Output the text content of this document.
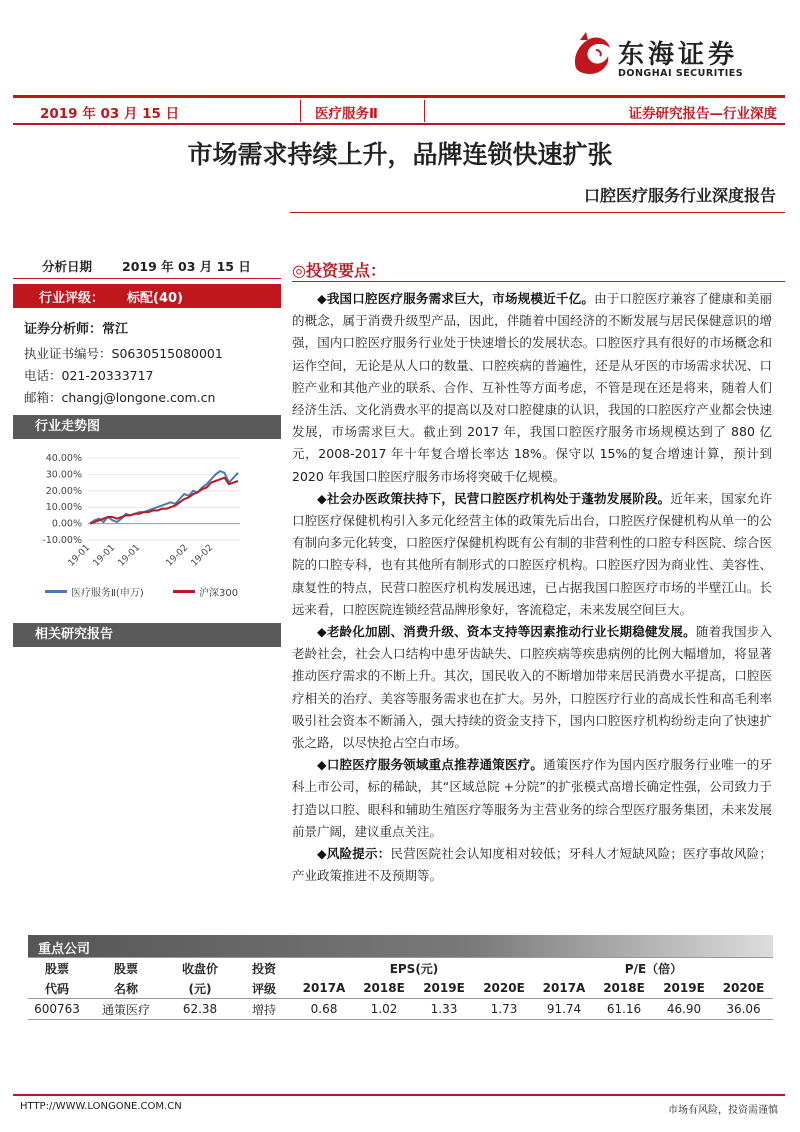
东海证券
DONGHAI SECURITIES
2019 年 03 月 15 日	医疗服务Ⅱ	证券研究报告—行业深度
市场需求持续上升，品牌连锁快速扩张
口腔医疗服务行业深度报告
分析日期 2019 年 03 月 15 日
行业评级： 标配(40)
证券分析师：常江
执业证书编号：S0630515080001
电话：021-20333717
邮箱：changj@longone.com.cn
行业走势图
40.00%
30.00%
20.00%
10.00%
0.00%
-10.00%
19-01 19-01 19-01 19-02 19-02
医疗服务Ⅱ(申万)	沪深300
相关研究报告
◎投资要点：

◆我国口腔医疗服务需求巨大，市场规模近千亿。由于口腔医疗兼容了健康和美丽的概念，属于消费升级型产品，因此，伴随着中国经济的不断发展与居民保健意识的增强，国内口腔医疗服务行业处于快速增长的发展状态。口腔医疗具有很好的市场概念和运作空间，无论是从人口的数量、口腔疾病的普遍性，还是从牙医的市场需求状况、口腔产业和其他产业的联系、合作、互补性等方面考虑，不管是现在还是将来，随着人们经济生活、文化消费水平的提高以及对口腔健康的认识，我国的口腔医疗产业都会快速发展，市场需求巨大。截止到 2017 年，我国口腔医疗服务市场规模达到了 880 亿元，2008-2017 年十年复合增长率达 18%。保守以 15%的复合增速计算，预计到 2020 年我国口腔医疗服务市场将突破千亿规模。

◆社会办医政策扶持下，民营口腔医疗机构处于蓬勃发展阶段。近年来，国家允许口腔医疗保健机构引入多元化经营主体的政策先后出台，口腔医疗保健机构从单一的公有制向多元化转变，口腔医疗保健机构既有公有制的非营利性的口腔专科医院、综合医院的口腔专科，也有其他所有制形式的口腔医疗机构。口腔医疗因为商业性、美容性、康复性的特点，民营口腔医疗机构发展迅速，已占据我国口腔医疗市场的半壁江山。长远来看，口腔医院连锁经营品牌形象好，客流稳定，未来发展空间巨大。

◆老龄化加剧、消费升级、资本支持等因素推动行业长期稳健发展。随着我国步入老龄社会，社会人口结构中患牙齿缺失、口腔疾病等疾患病例的比例大幅增加，将显著推动医疗需求的不断上升。其次，国民收入的不断增加带来居民消费水平提高，口腔医疗相关的治疗、美容等服务需求也在扩大。另外，口腔医疗行业的高成长性和高毛利率吸引社会资本不断涌入，强大持续的资金支持下，国内口腔医疗机构纷纷走向了快速扩张之路，以尽快抢占空白市场。

◆口腔医疗服务领域重点推荐通策医疗。通策医疗作为国内医疗服务行业唯一的牙科上市公司，标的稀缺，其“区域总院 +分院”的扩张模式高增长确定性强，公司致力于打造以口腔、眼科和辅助生殖医疗等服务为主营业务的综合型医疗服务集团，未来发展前景广阔，建议重点关注。

◆风险提示：民营医院社会认知度相对较低；牙科人才短缺风险；医疗事故风险；产业政策推进不及预期等。

重点公司
股票	股票	收盘价	投资	EPS(元)				P/E（倍）			
代码	名称	(元)	评级	2017A	2018E	2019E	2020E	2017A	2018E	2019E	2020E
600763	通策医疗	62.38	增持	0.68	1.02	1.33	1.73	91.74	61.16	46.90	36.06
HTTP://WWW.LONGONE.COM.CN	市场有风险，投资需谨慎
